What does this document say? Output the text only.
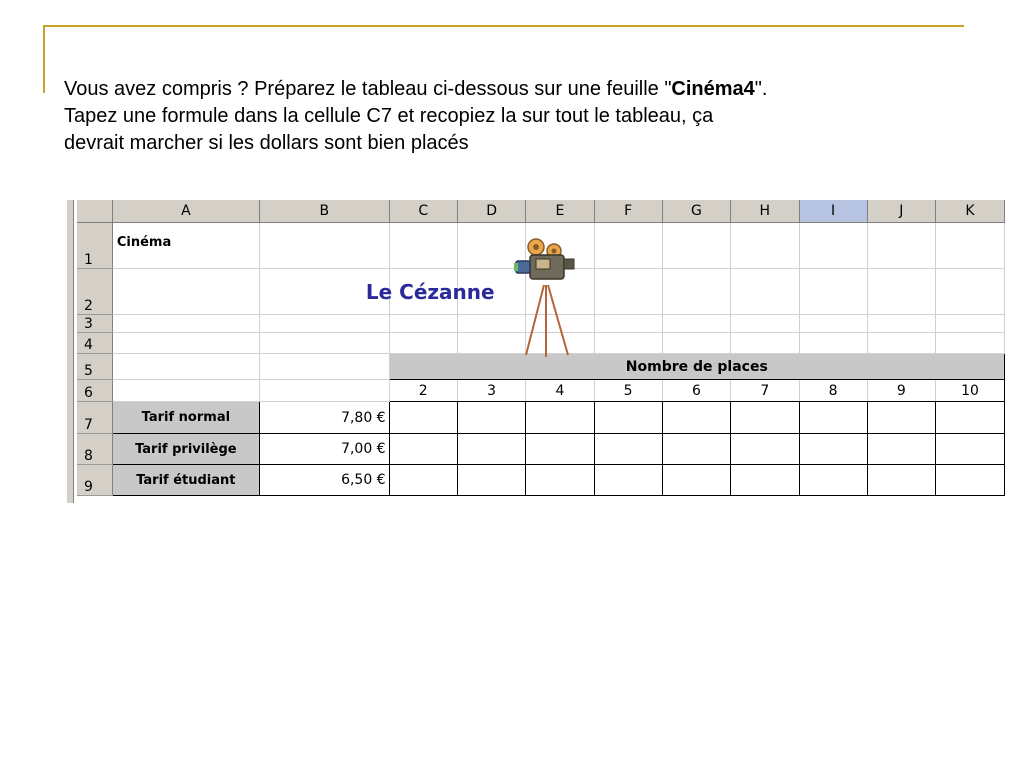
Vous avez compris ? Préparez le tableau ci-dessous sur une feuille "Cinéma4".

Tapez une formule dans la cellule C7 et recopiez la sur tout le tableau, ça

devrait marcher si les dollars sont bien placés

	A	B	C	D	E	F	G	H	I	J	K
1	Cinéma										
2		Le Cézanne									
3											
4											
5			Nombre de places								
6			2	3	4	5	6	7	8	9	10
7	Tarif normal	7,80 €									
8	Tarif privilège	7,00 €									
9	Tarif étudiant	6,50 €									
